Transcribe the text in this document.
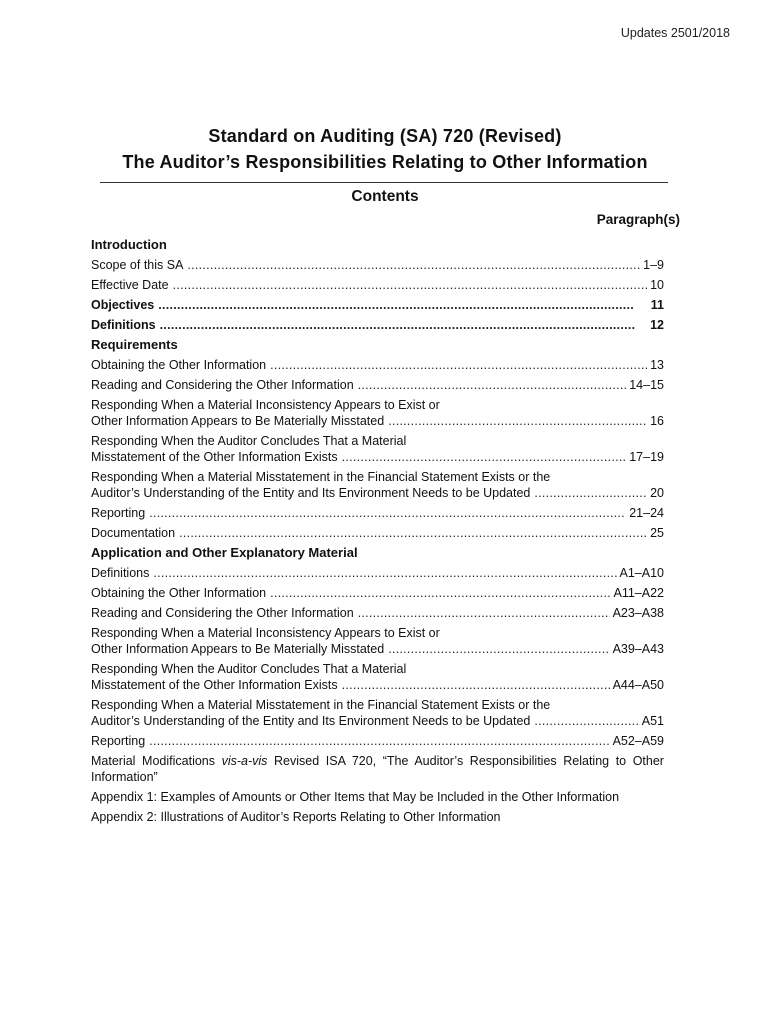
Updates 2501/2018
Standard on Auditing (SA) 720 (Revised)
The Auditor’s Responsibilities Relating to Other Information
Contents
Paragraph(s)
Introduction
Scope of this SA . . .	1–9
Effective Date . . .	10
Objectives . . .	11
Definitions . . .	12
Requirements
Obtaining the Other Information . . .	13
Reading and Considering the Other Information . . .	14–15
Responding When a Material Inconsistency Appears to Exist or
Other Information Appears to Be Materially Misstated . . .	16
Responding When the Auditor Concludes That a Material
Misstatement of the Other Information Exists . . .	17–19
Responding When a Material Misstatement in the Financial Statement Exists or the
Auditor’s Understanding of the Entity and Its Environment Needs to be Updated . . .	20
Reporting . . .	21–24
Documentation . . .	25
Application and Other Explanatory Material
Definitions . . .	A1–A10
Obtaining the Other Information . . .	A11–A22
Reading and Considering the Other Information . . .	A23–A38
Responding When a Material Inconsistency Appears to Exist or
Other Information Appears to Be Materially Misstated . . .	A39–A43
Responding When the Auditor Concludes That a Material
Misstatement of the Other Information Exists . . .	A44–A50
Responding When a Material Misstatement in the Financial Statement Exists or the
Auditor’s Understanding of the Entity and Its Environment Needs to be Updated . . .	A51
Reporting . . .	A52–A59
Material Modifications vis-a-vis Revised ISA 720, “The Auditor’s Responsibilities Relating to Other Information”
Appendix 1: Examples of Amounts or Other Items that May be Included in the Other Information
Appendix 2: Illustrations of Auditor’s Reports Relating to Other Information
